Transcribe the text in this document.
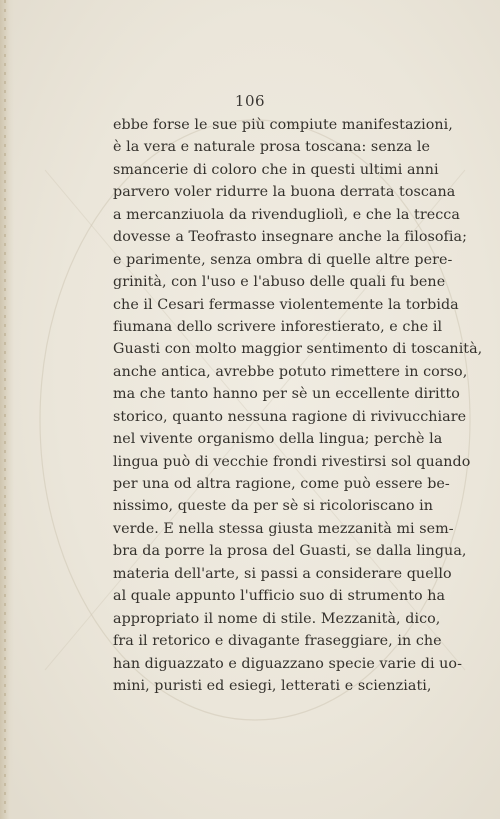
106
ebbe forse le sue più compiute manifestazioni,
è la vera e naturale prosa toscana: senza le
smancerie di coloro che in questi ultimi anni
parvero voler ridurre la buona derrata toscana
a mercanziuola da rivendugliolì, e che la trecca
dovesse a Teofrasto insegnare anche la filosofia;
e parimente, senza ombra di quelle altre pere-
grinità, con l'uso e l'abuso delle quali fu bene
che il Cesari fermasse violentemente la torbida
fiumana dello scrivere inforestierato, e che il
Guasti con molto maggior sentimento di toscanità,
anche antica, avrebbe potuto rimettere in corso,
ma che tanto hanno per sè un eccellente diritto
storico, quanto nessuna ragione di rivivucchiare
nel vivente organismo della lingua; perchè la
lingua può di vecchie frondi rivestirsi sol quando
per una od altra ragione, come può essere be-
nissimo, queste da per sè si ricoloriscano in
verde. E nella stessa giusta mezzanità mi sem-
bra da porre la prosa del Guasti, se dalla lingua,
materia dell'arte, si passi a considerare quello
al quale appunto l'ufficio suo di strumento ha
appropriato il nome di stile. Mezzanità, dico,
fra il retorico e divagante fraseggiare, in che
han diguazzato e diguazzano specie varie di uo-
mini, puristi ed esiegi, letterati e scienziati,
